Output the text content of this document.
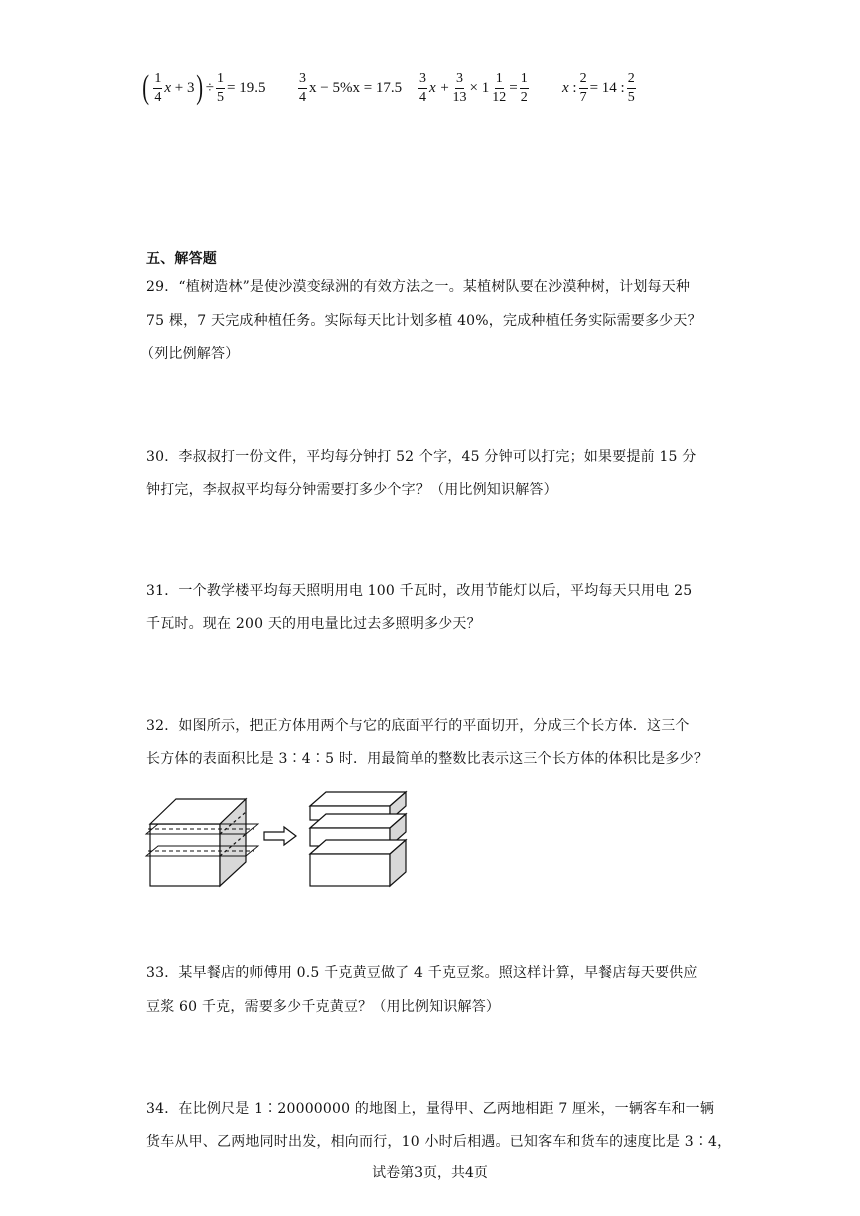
( $\frac{1}{4}$ x
+ 3 ) ÷ $\frac{1}{5} = 19.5 \frac{3}{4}$ $x - 5\%x = 17.5 \frac{3}{4}$ $x + \frac{3}{13} \times 1 \frac{1}{12} = \frac{1}{2}$ x
: $\frac{2}{7} = 14$ : $\frac{2}{5}$
五、解答题
29．“植树造林”是使沙漠变绿洲的有效方法之一。某植树队要在沙漠种树，计划每天种
75 棵，7 天完成种植任务。实际每天比计划多植 40%，完成种植任务实际需要多少天？
（列比例解答）
30．李叔叔打一份文件，平均每分钟打 52 个字，45 分钟可以打完；如果要提前 15 分
钟打完，李叔叔平均每分钟需要打多少个字？（用比例知识解答）
31．一个教学楼平均每天照明用电 100 千瓦时，改用节能灯以后，平均每天只用电 25
千瓦时。现在 200 天的用电量比过去多照明多少天？
32．如图所示，把正方体用两个与它的底面平行的平面切开，分成三个长方体．这三个
长方体的表面积比是 3∶4∶5 时．用最简单的整数比表示这三个长方体的体积比是多少？
33．某早餐店的师傅用 0.5 千克黄豆做了 4 千克豆浆。照这样计算，早餐店每天要供应
豆浆 60 千克，需要多少千克黄豆？（用比例知识解答）
34．在比例尺是 1∶20000000 的地图上，量得甲、乙两地相距 7 厘米，一辆客车和一辆
货车从甲、乙两地同时出发，相向而行，10 小时后相遇。已知客车和货车的速度比是 3∶4，
试卷第3页，共4页
